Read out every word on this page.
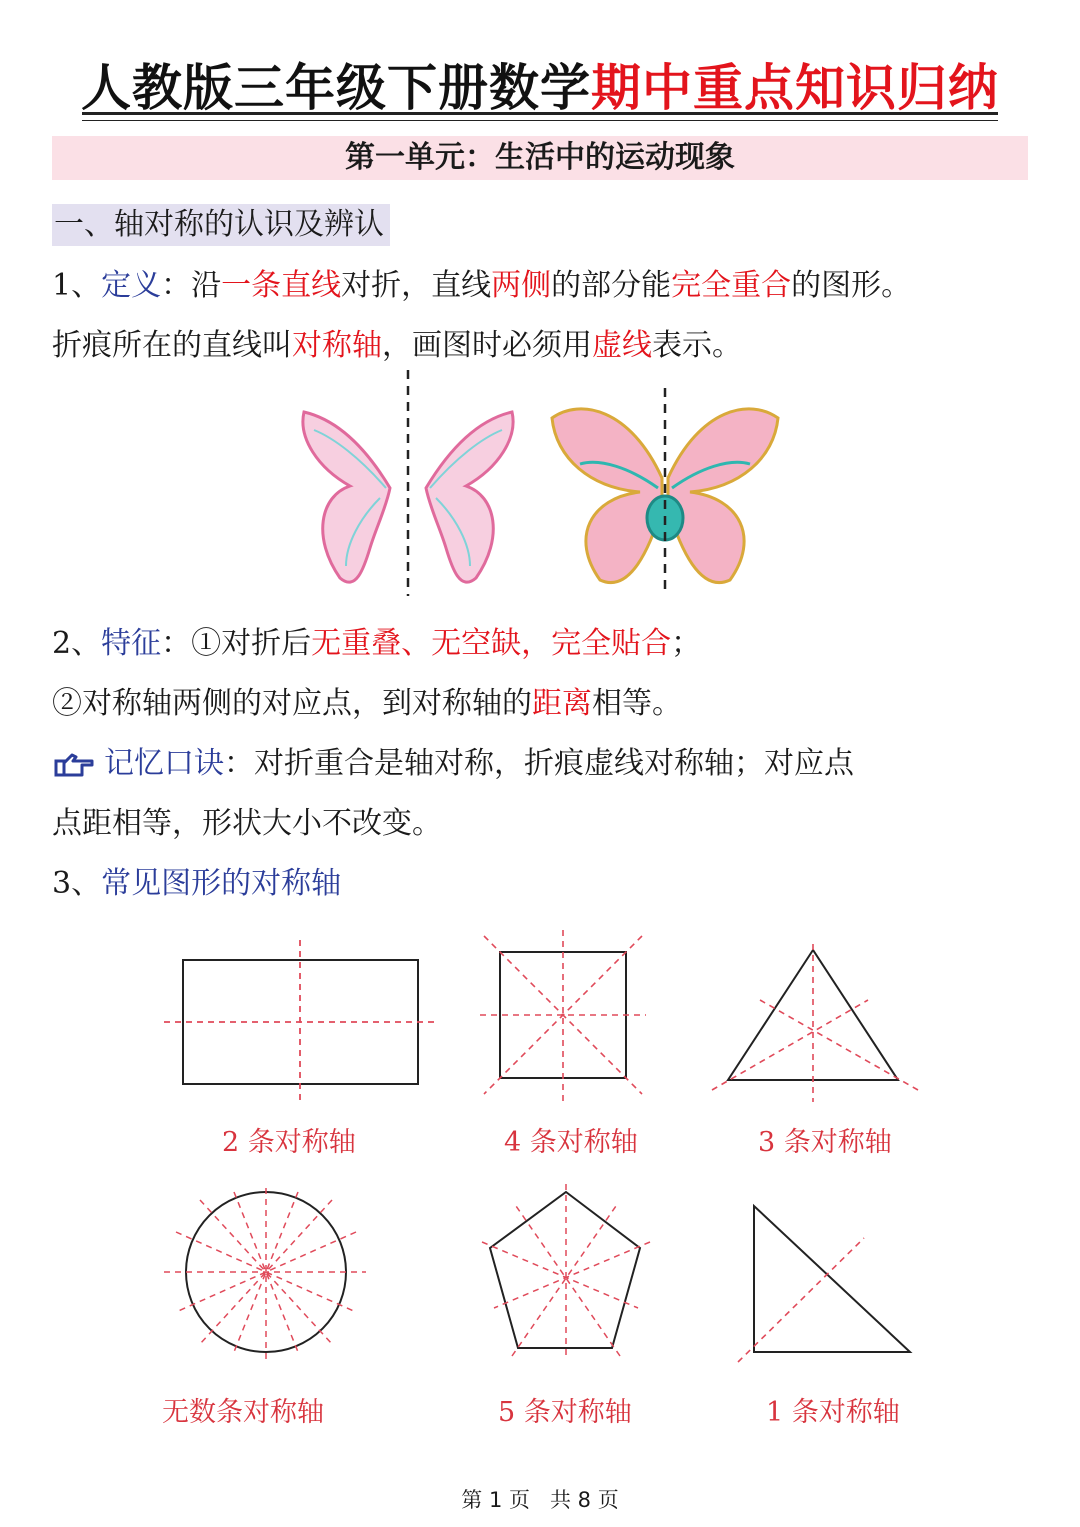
人教版三年级下册数学期中重点知识归纳
第一单元：生活中的运动现象
一、轴对称的认识及辨认
1、定义：沿一条直线对折，直线两侧的部分能完全重合的图形。
折痕所在的直线叫对称轴，画图时必须用虚线表示。
2、特征：①对折后无重叠、无空缺，完全贴合；
②对称轴两侧的对应点，到对称轴的距离相等。
记忆口诀：对折重合是轴对称，折痕虚线对称轴；对应点
点距相等，形状大小不改变。
3、常见图形的对称轴
2 条对称轴	4 条对称轴	3 条对称轴
无数条对称轴	5 条对称轴	1 条对称轴
第 1 页 共 8 页
